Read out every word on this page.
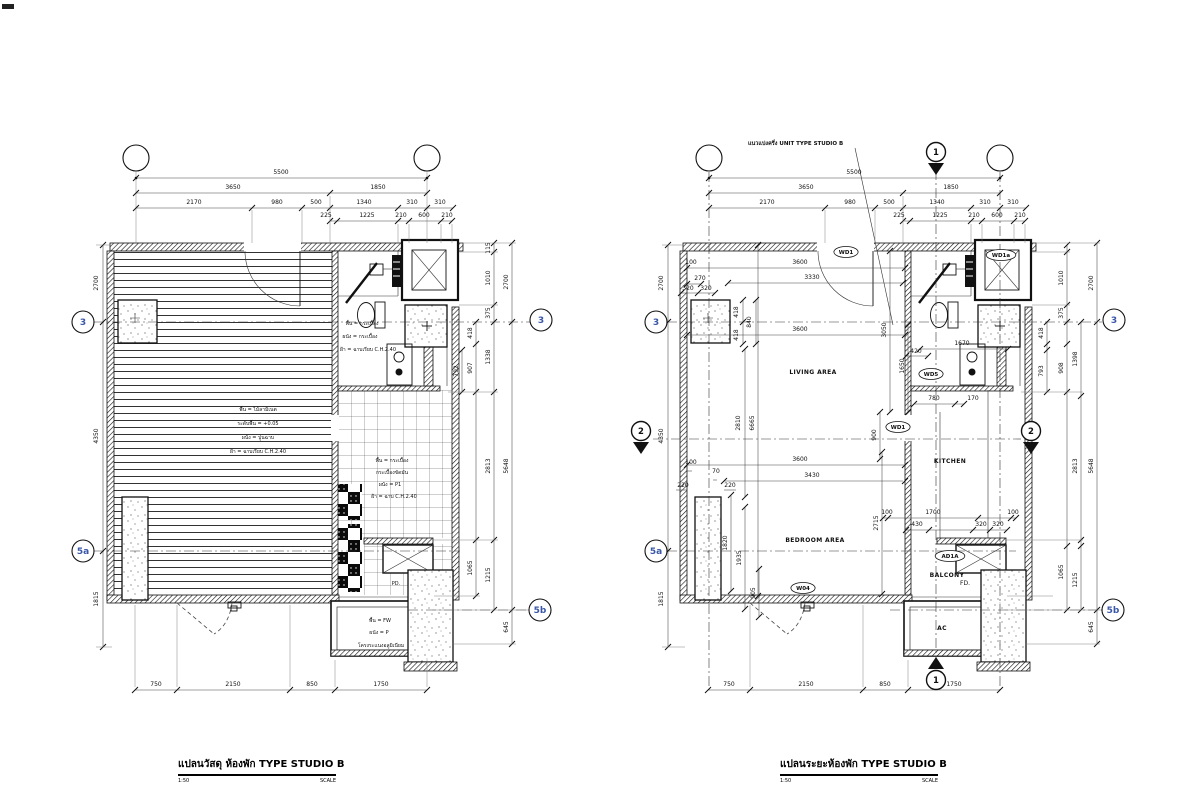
5500
3650	1850
2170	980	500	1340	310	310
225	1225	210 600 210
750	2150	850	1750
2700
4350
1815
418
907
1065
792
115
1010
375
1338
2813
1215
2700
5648
645
พื้น = ไม้ลามิเนต
ระดับพื้น = +0.05
ผนัง = ปูนฉาบ
ฝ้า = ฉาบเรียบ C.H.2.40
พื้น = กระเบื้อง
ผนัง = กระเบื้อง
ฝ้า = ฉาบเรียบ C.H.2.40
พื้น = กระเบื้อง
กระเบื้องขัดมัน
ผนัง = P1
ฝ้า = ฉาบ C.H.2.40
พื้น = FW
ผนัง = P
โครงระแนงอลูมิเนียม
PD.
3
5a
3
5b
5500
3650	1850
2170	980	500	1340	310	310
225	1225	210 600 210
750	2150	850	1750
2700
4350
1815
418
793
1010
375
908
1065
1398
2813
1215
2700
5648
645
100	3600
3330
270
320 320
418
418
840
3600	3050
1650
1670
420
780	170
2810 6665
900
3600
3430
100
70
220	220
2715
1820
1935
905
100	1700	100
430	320 320
FD.
LIVING AREA
KITCHEN
BEDROOM AREA
BALCONY
AC
WD1	WD1a
WD5
WD1
AD1A
W04
3
5a
3
5b
1
1
2	2
แนวแบ่งครึ่ง UNIT TYPE STUDIO B
แปลนวัสดุ ห้องพัก TYPE STUDIO B
1:50	SCALE
แปลนระยะห้องพัก TYPE STUDIO B
1:50	SCALE
